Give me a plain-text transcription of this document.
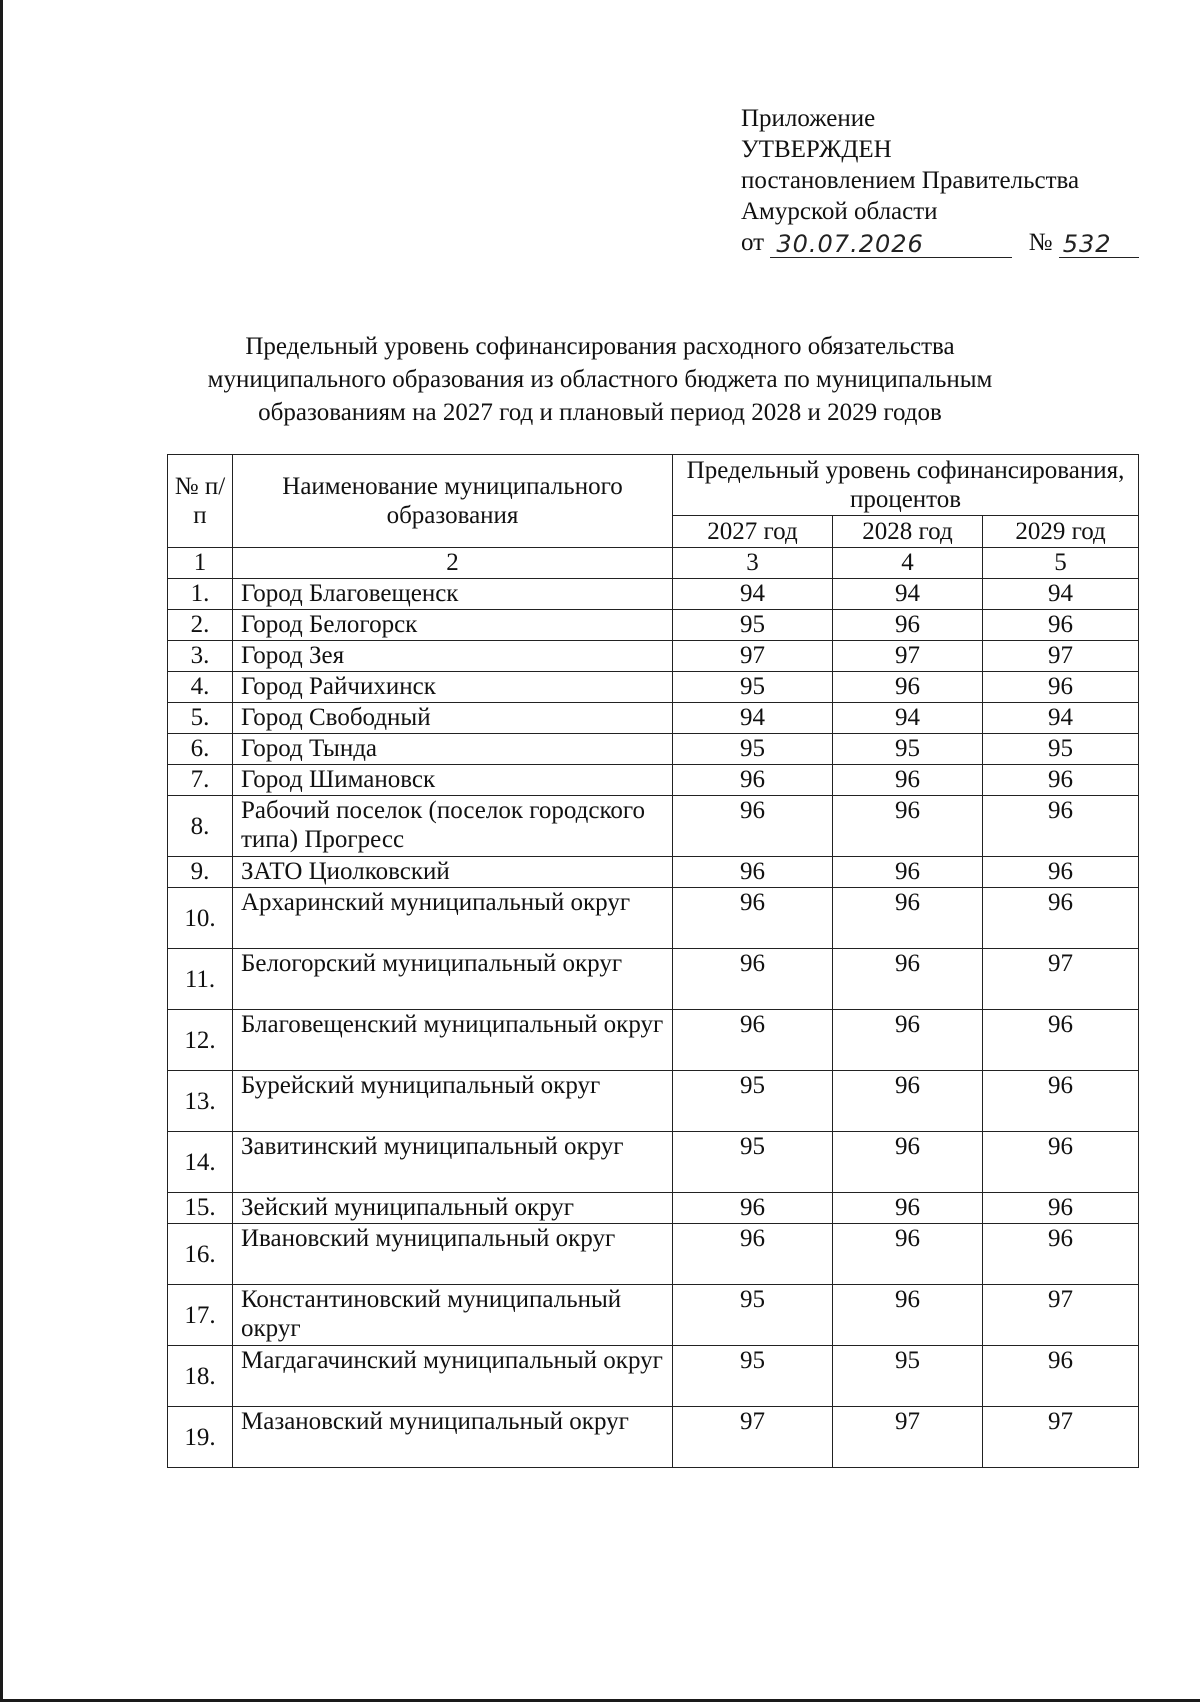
Приложение
УТВЕРЖДЕН
постановлением Правительства
Амурской области
от 30.07.2026	№ 532
Предельный уровень софинансирования расходного обязательства
муниципального образования из областного бюджета по муниципальным
образованиям на 2027 год и плановый период 2028 и 2029 годов
№ п/п	Наименование муниципального образования	Предельный уровень софинансирования, процентов		
		2027 год	2028 год	2029 год
1	2	3	4	5
1.	Город Благовещенск	94	94	94
2.	Город Белогорск	95	96	96
3.	Город Зея	97	97	97
4.	Город Райчихинск	95	96	96
5.	Город Свободный	94	94	94
6.	Город Тында	95	95	95
7.	Город Шимановск	96	96	96
8.	Рабочий поселок (поселок городского типа) Прогресс	96	96	96
9.	ЗАТО Циолковский	96	96	96
10.	Архаринский муниципальный округ	96	96	96
11.	Белогорский муниципальный округ	96	96	97
12.	Благовещенский муниципальный округ	96	96	96
13.	Бурейский муниципальный округ	95	96	96
14.	Завитинский муниципальный округ	95	96	96
15.	Зейский муниципальный округ	96	96	96
16.	Ивановский муниципальный округ	96	96	96
17.	Константиновский муниципальный округ	95	96	97
18.	Магдагачинский муниципальный округ	95	95	96
19.	Мазановский муниципальный округ	97	97	97
